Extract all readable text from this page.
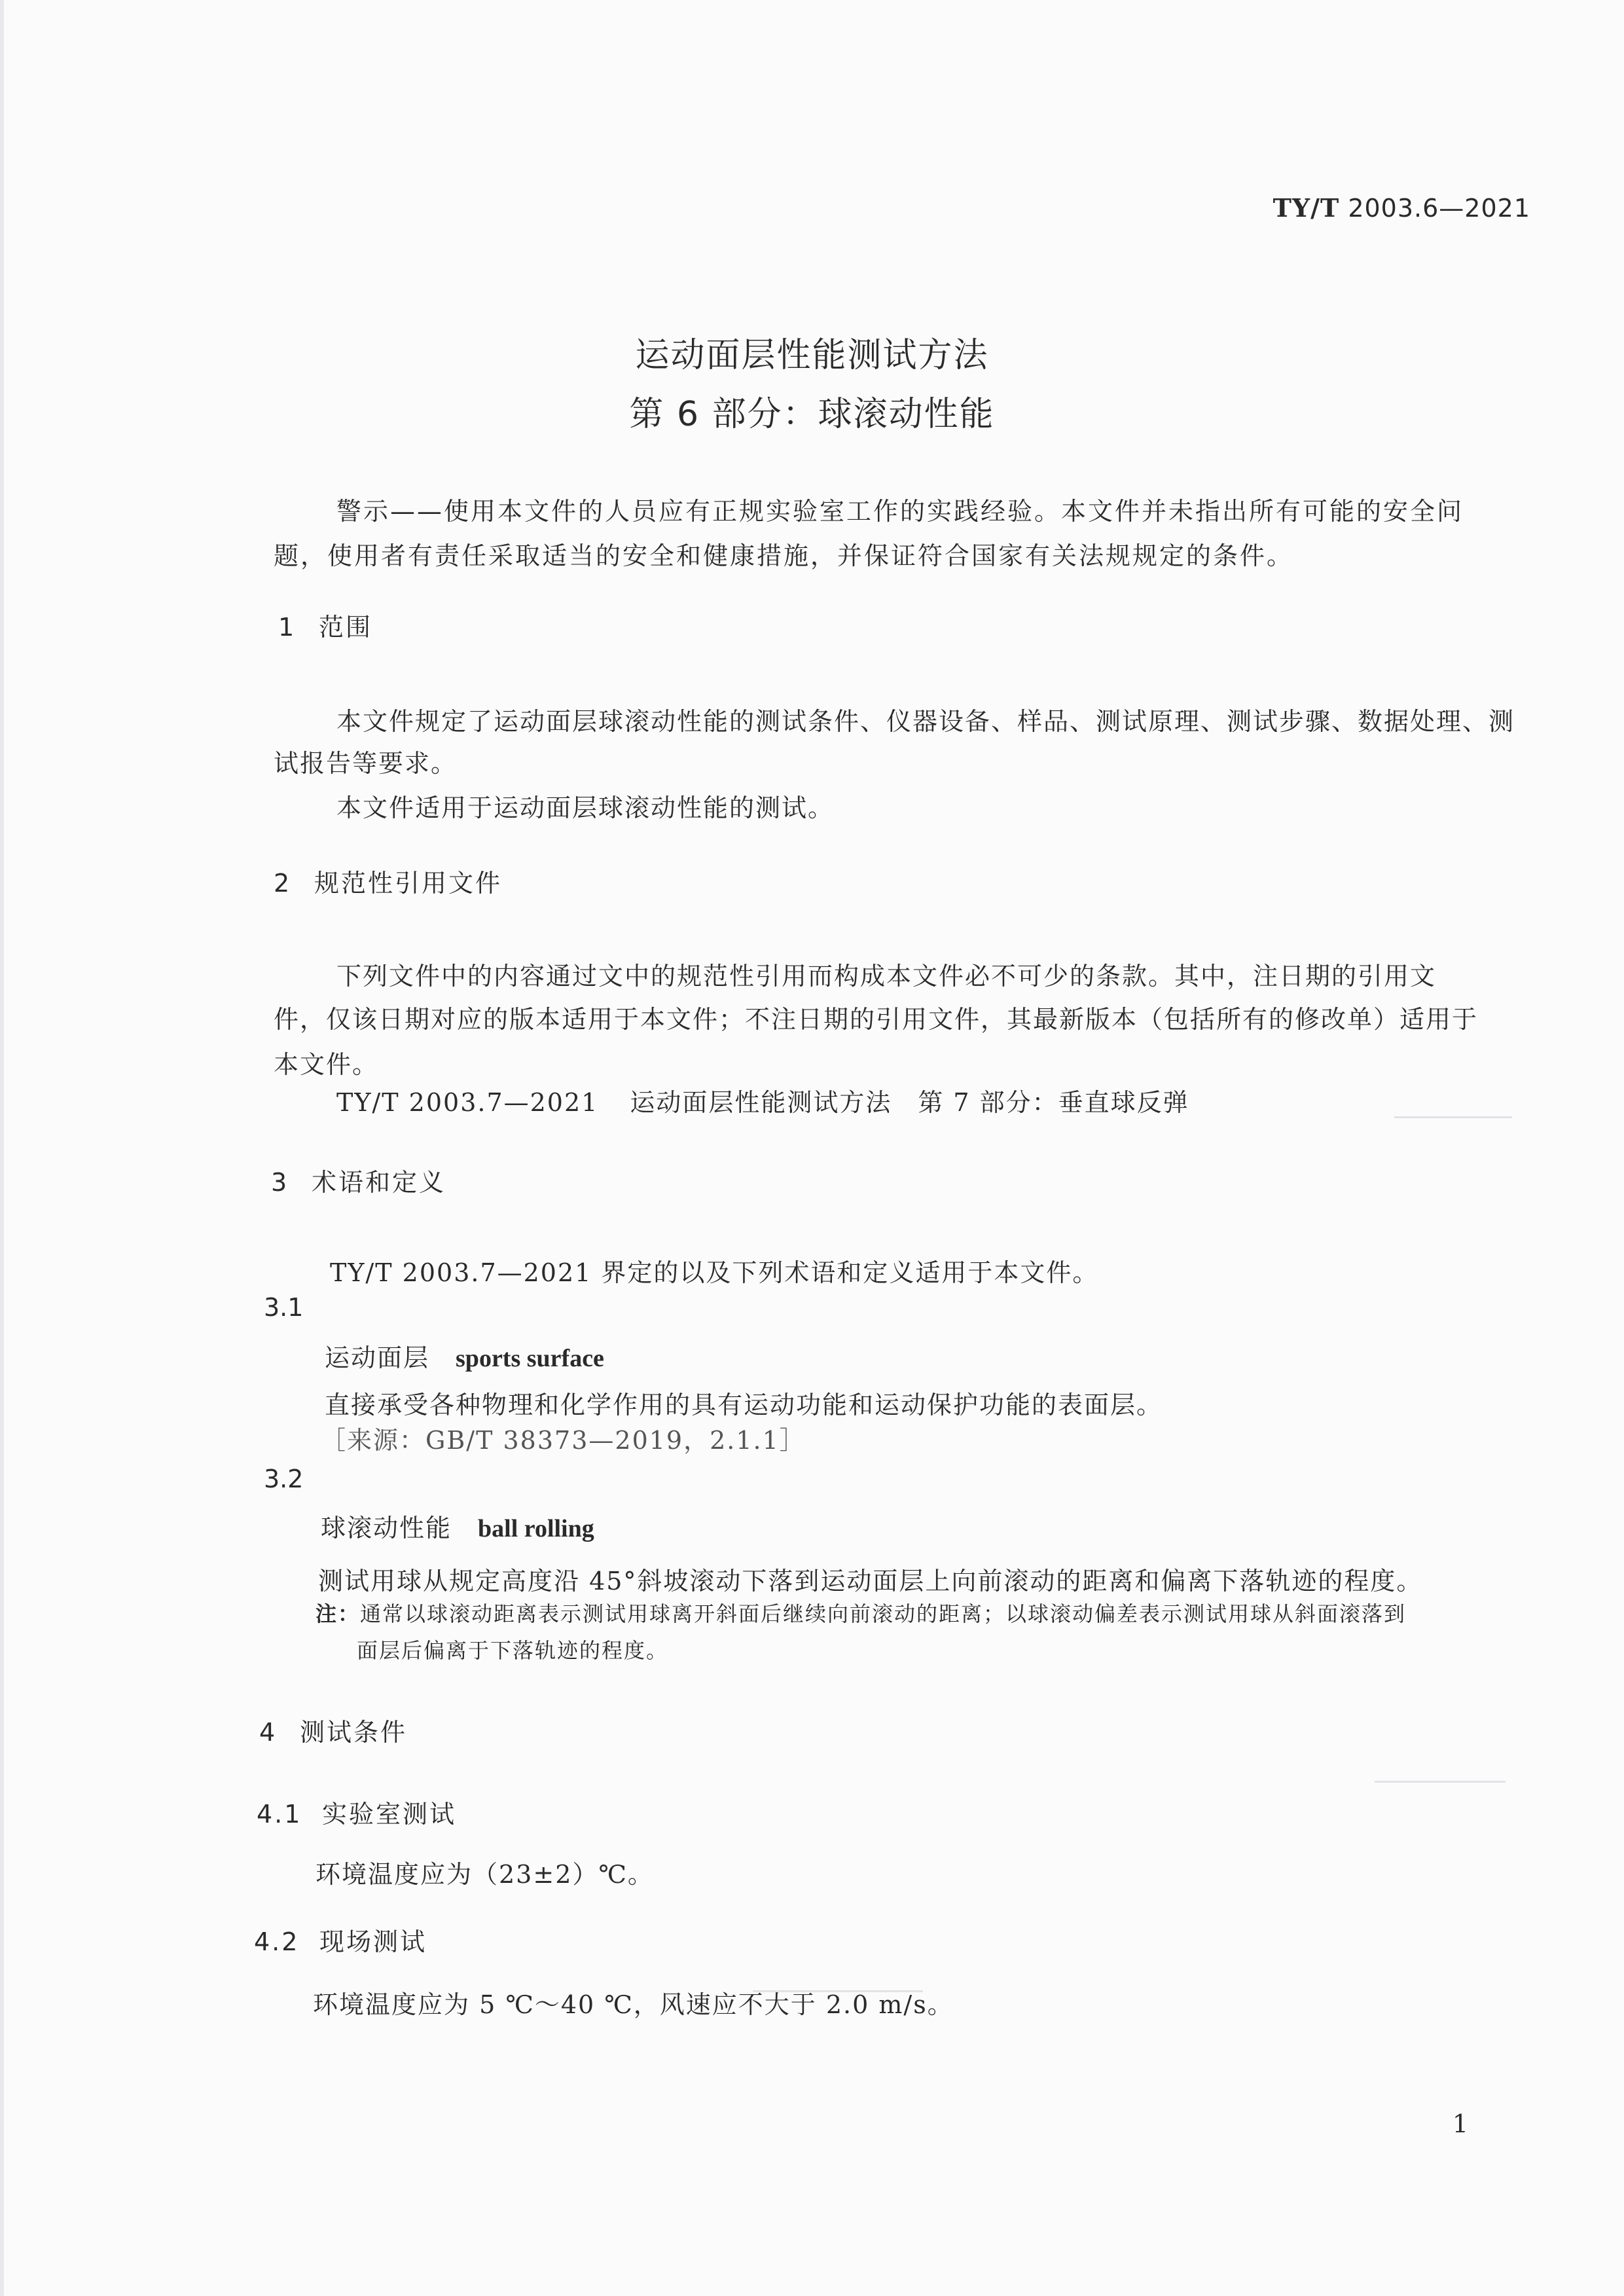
TY/T 2003.6—2021
运动面层性能测试方法
第 6 部分：球滚动性能
警示——使用本文件的人员应有正规实验室工作的实践经验。本文件并未指出所有可能的安全问
题，使用者有责任采取适当的安全和健康措施，并保证符合国家有关法规规定的条件。
1 范围
本文件规定了运动面层球滚动性能的测试条件、仪器设备、样品、测试原理、测试步骤、数据处理、测
试报告等要求。
本文件适用于运动面层球滚动性能的测试。
2 规范性引用文件
下列文件中的内容通过文中的规范性引用而构成本文件必不可少的条款。其中，注日期的引用文
件，仅该日期对应的版本适用于本文件；不注日期的引用文件，其最新版本（包括所有的修改单）适用于
本文件。
TY/T 2003.7—2021 运动面层性能测试方法　第 7 部分：垂直球反弹
3 术语和定义
TY/T 2003.7—2021 界定的以及下列术语和定义适用于本文件。
3.1
运动面层 sports surface
直接承受各种物理和化学作用的具有运动功能和运动保护功能的表面层。
［来源：GB/T 38373—2019，2.1.1］
3.2
球滚动性能 ball rolling
测试用球从规定高度沿 45°斜坡滚动下落到运动面层上向前滚动的距离和偏离下落轨迹的程度。
注：通常以球滚动距离表示测试用球离开斜面后继续向前滚动的距离；以球滚动偏差表示测试用球从斜面滚落到
面层后偏离于下落轨迹的程度。
4 测试条件
4.1 实验室测试
环境温度应为（23±2）℃。
4.2 现场测试
环境温度应为 5 ℃～40 ℃，风速应不大于 2.0 m/s。
1
